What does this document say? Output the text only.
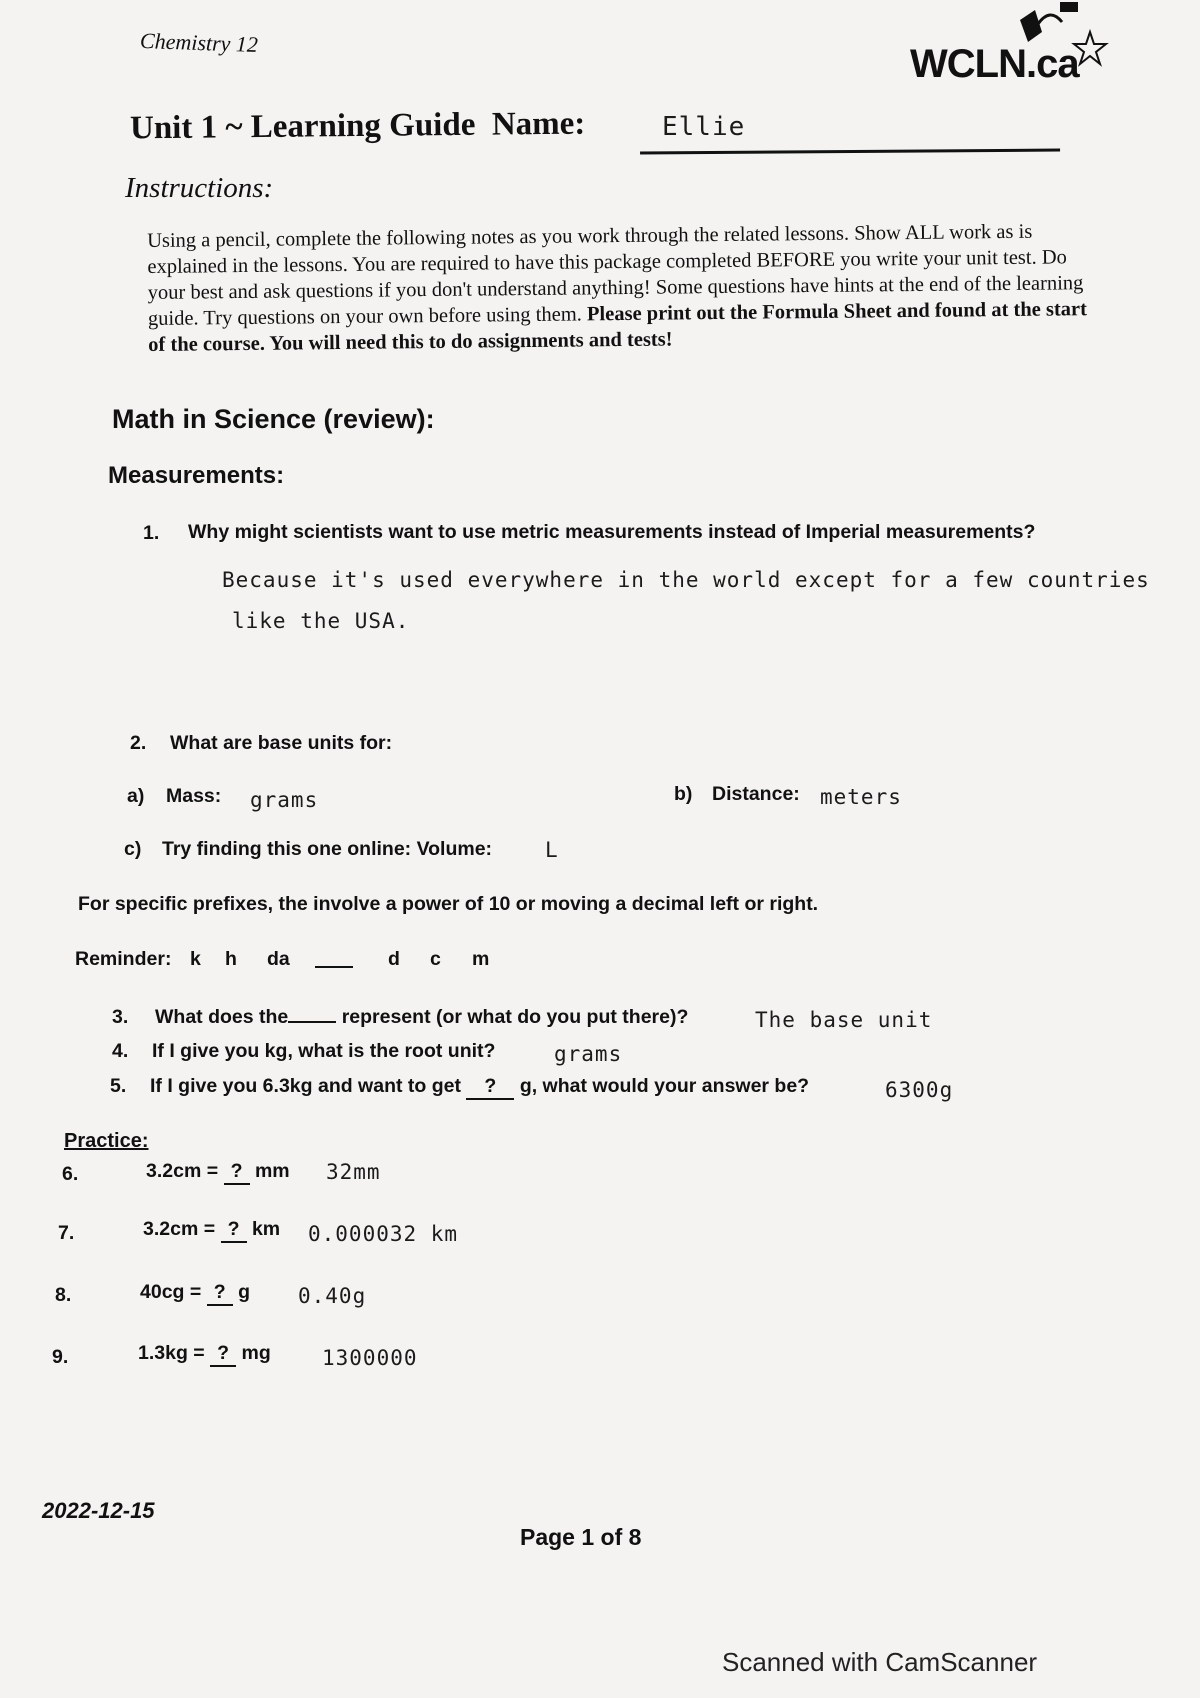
Chemistry 12	WCLN.ca
Unit 1 ~ Learning Guide Name:	Ellie
Instructions:
Using a pencil, complete the following notes as you work through the related lessons. Show ALL work as is explained in the lessons. You are required to have this package completed BEFORE you write your unit test. Do your best and ask questions if you don't understand anything! Some questions have hints at the end of the learning guide. Try questions on your own before using them. Please print out the Formula Sheet and found at the start of the course. You will need this to do assignments and tests!
Math in Science (review):
Measurements:
1. Why might scientists want to use metric measurements instead of Imperial measurements?
Because it's used everywhere in the world except for a few countries
like the USA.
2. What are base units for:
a) Mass: grams	b) Distance: meters
c) Try finding this one online: Volume:	L
For specific prefixes, the involve a power of 10 or moving a decimal left or right.
Reminder: k h da	d c m
3. What does the	represent (or what do you put there)?	The base unit
4. If I give you kg, what is the root unit?	grams
5. If I give you 6.3kg and want to get ? g, what would your answer be?	6300g
Practice:
6.	3.2cm = ? mm 32mm
7.	3.2cm = ? km 0.000032 km
8.	40cg = ? g 0.40g
9.	1.3kg = ? mg 1300000
2022-12-15
Page 1 of 8
Scanned with CamScanner
